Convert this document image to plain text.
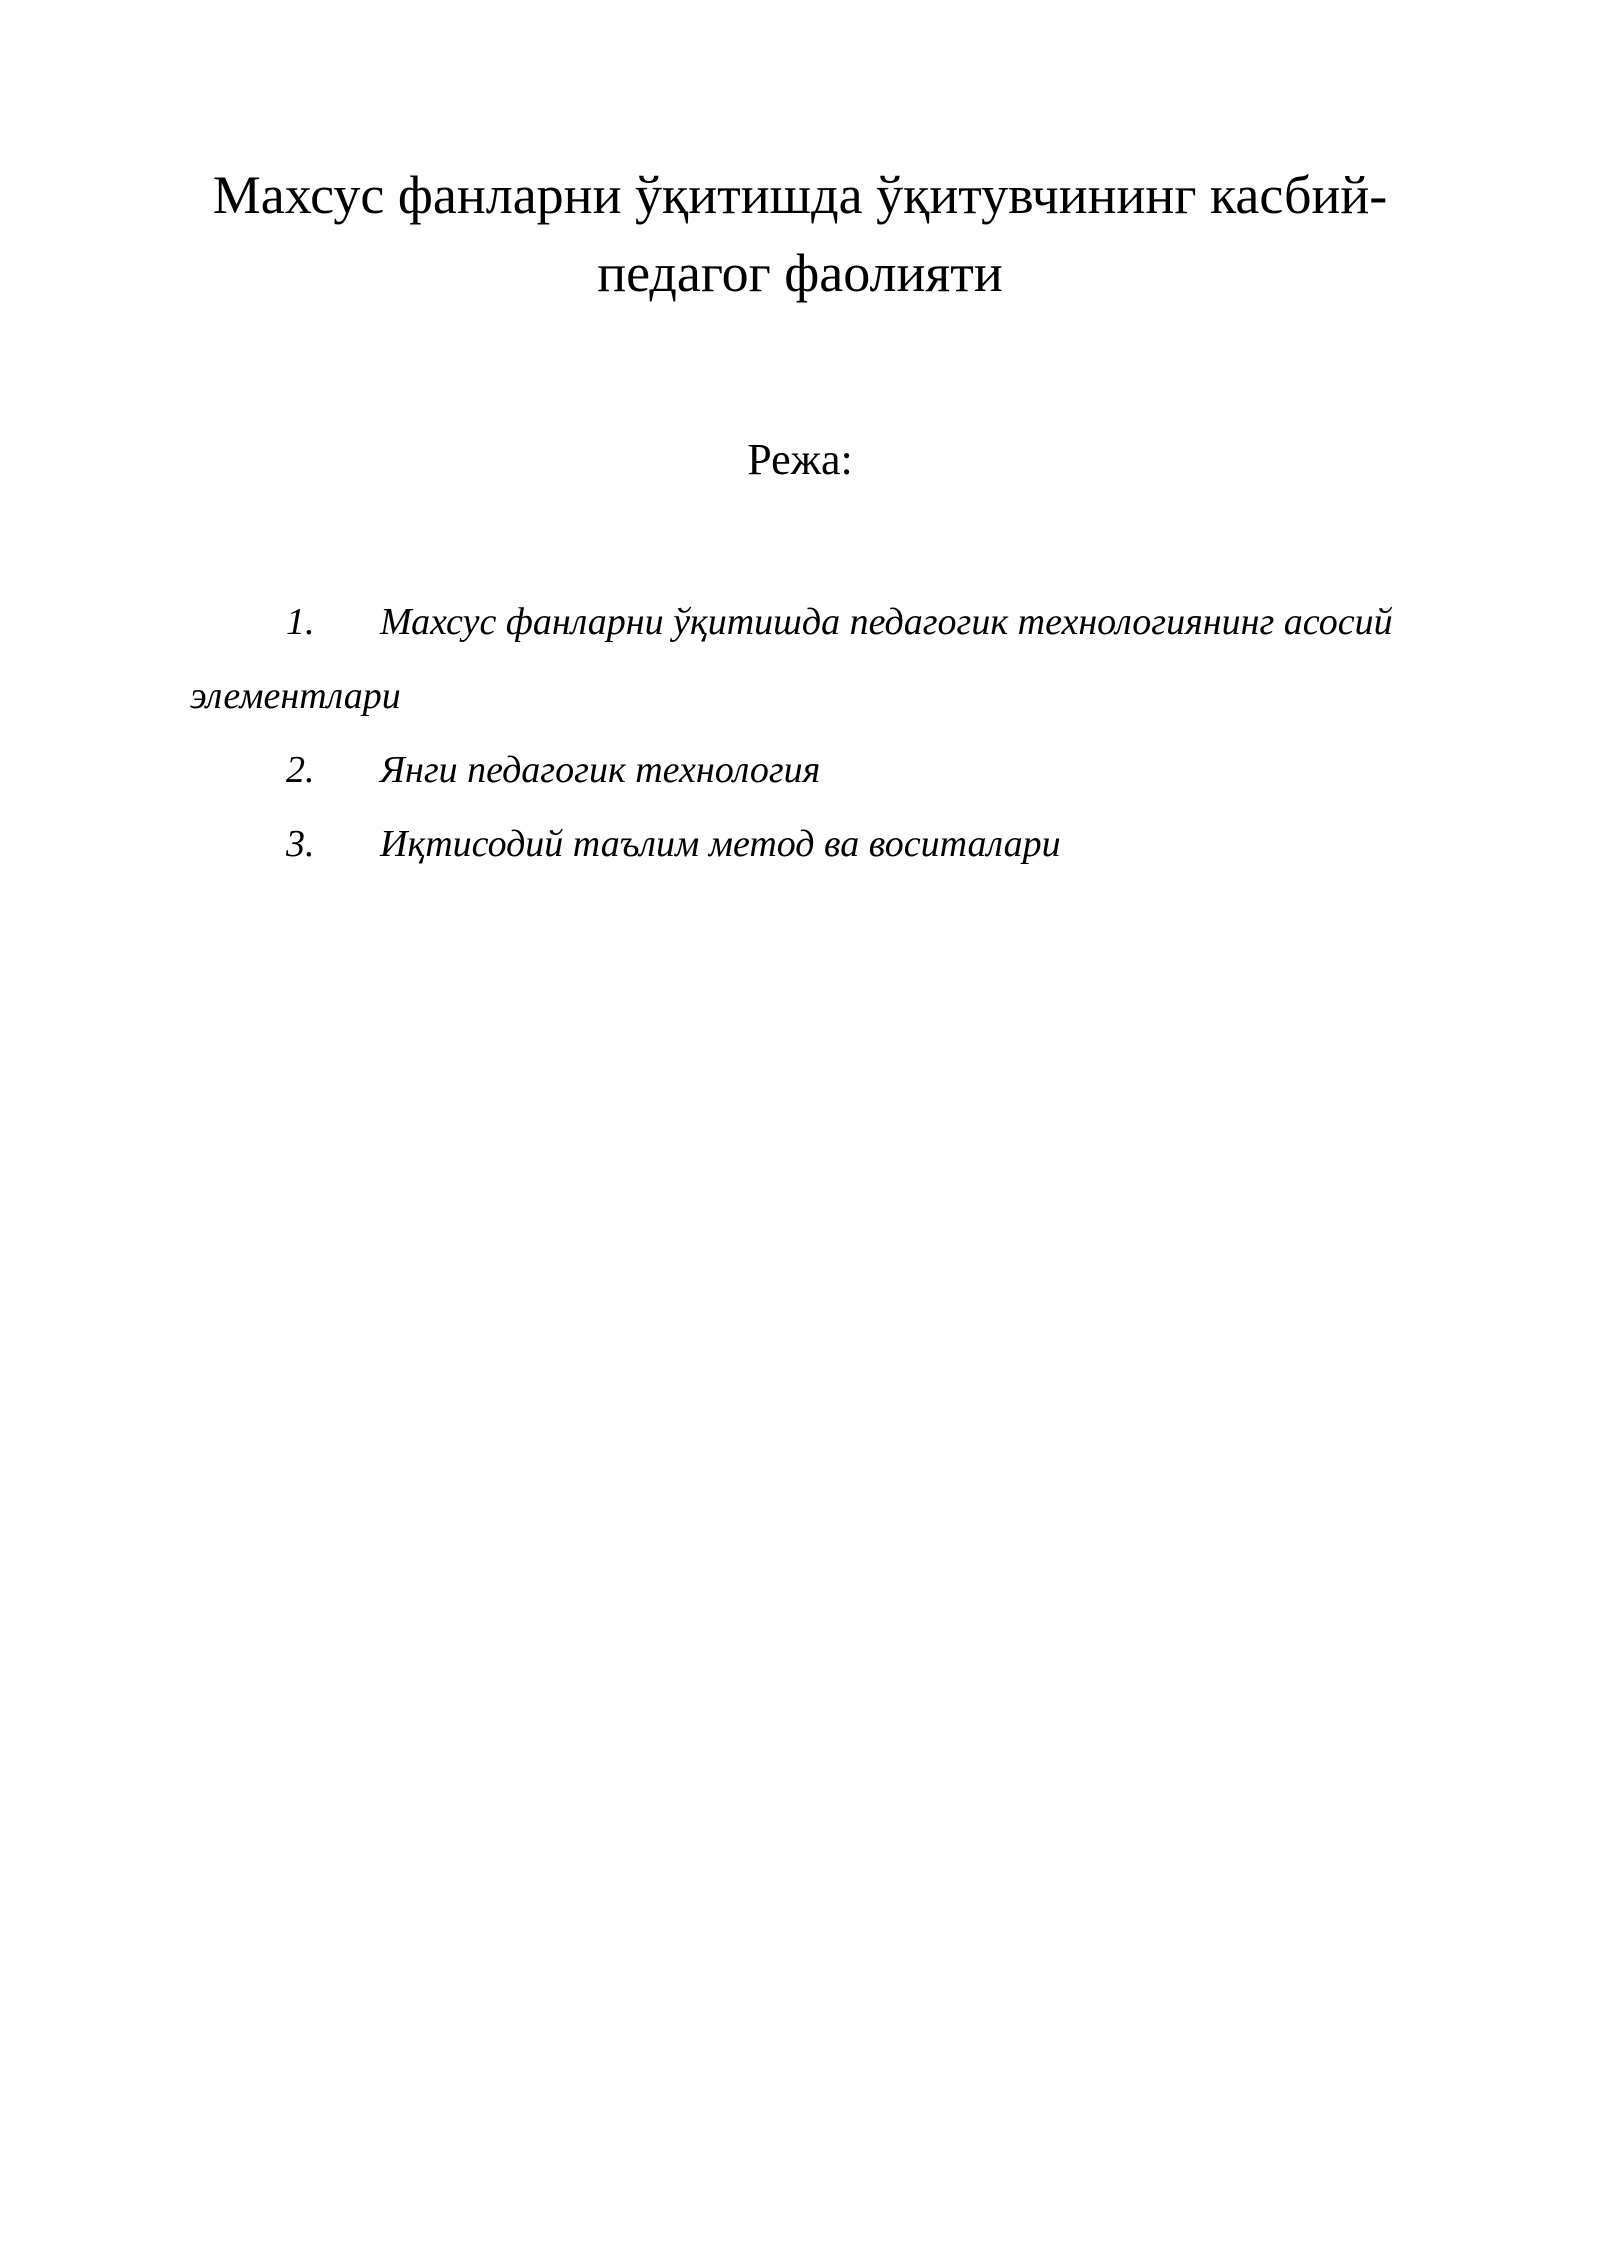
Махсус фанларни ўқитишда ўқитувчининг касбий-педагог фаолияти
Режа:
1. Махсус фанларни ўқитишда педагогик технологиянинг асосий элементлари
2. Янги педагогик технология
3. Иқтисодий таълим метод ва воситалари
